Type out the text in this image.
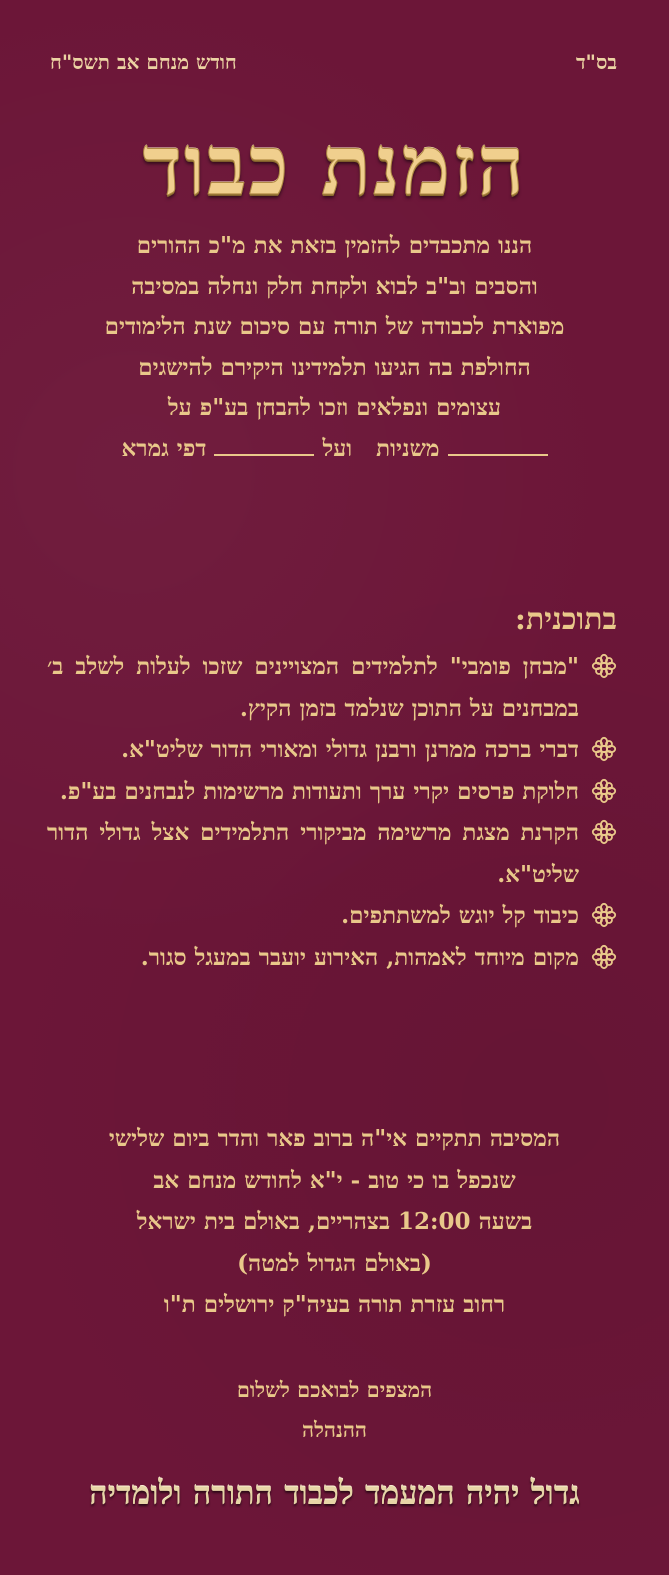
בס"ד
חודש מנחם אב תשס"ח
הזמנת כבוד
הננו מתכבדים להזמין בזאת את מ"כ ההורים
והסבים וב"ב לבוא ולקחת חלק ונחלה במסיבה
מפוארת לכבודה של תורה עם סיכום שנת הלימודים
החולפת בה הגיעו תלמידינו היקירם להישגים
עצומים ונפלאים וזכו להבחן בע"פ על
משניות   ועל  דפי גמרא
בתוכנית:
"מבחן פומבי" לתלמידים המצויינים שזכו לעלות לשלב ב׳ במבחנים על התוכן שנלמד בזמן הקיץ.
דברי ברכה ממרנן ורבנן גדולי ומאורי הדור שליט"א.
חלוקת פרסים יקרי ערך ותעודות מרשימות לנבחנים בע"פ.
הקרנת מצגת מרשימה מביקורי התלמידים אצל גדולי הדור שליט"א.
כיבוד קל יוגש למשתתפים.
מקום מיוחד לאמהות, האירוע יועבר במעגל סגור.
המסיבה תתקיים אי"ה ברוב פאר והדר ביום שלישי
שנכפל בו כי טוב - י"א לחודש מנחם אב
בשעה 12:00 בצהריים, באולם בית ישראל
(באולם הגדול למטה)
רחוב עזרת תורה בעיה"ק ירושלים ת"ו
המצפים לבואכם לשלום
ההנהלה
גדול יהיה המעמד לכבוד התורה ולומדיה
